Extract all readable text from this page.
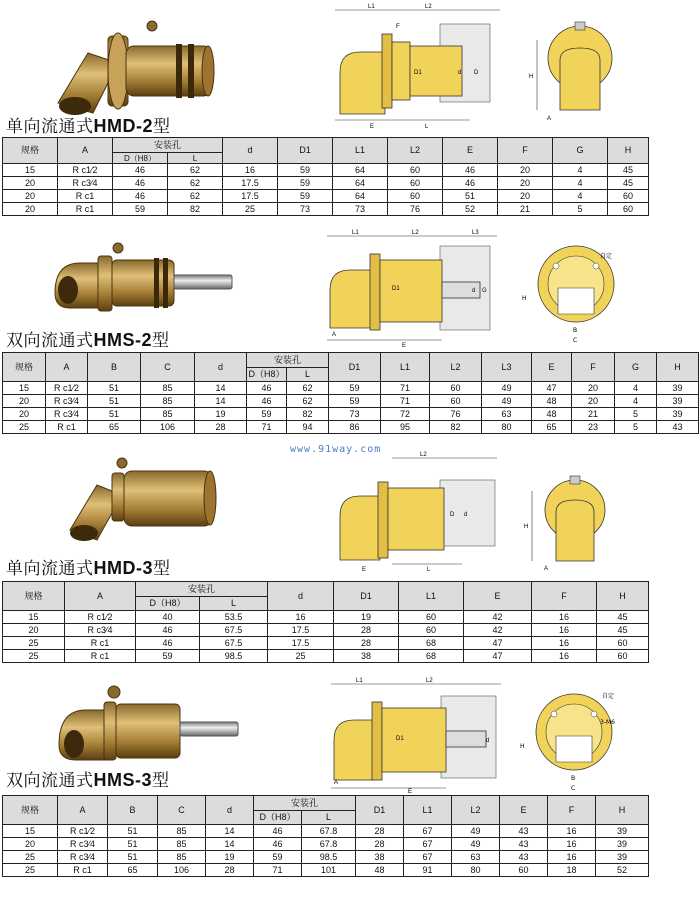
L1	L2
E	L
F
D1	d D
H
A
单向流通式HMD-2型
规格	A	安装孔		d	D1	L1	L2	E	F	G	H
		D（H8）	L								
15	R c1⁄2	46	62	16	59	64	60	46	20	4	45
20	R c3⁄4	46	62	17.5	59	64	60	46	20	4	45
20	R c1	46	62	17.5	59	64	60	51	20	4	60
20	R c1	59	82	25	73	73	76	52	21	5	60
L1	L2	L3
D1	d G
E
A
自定
H
B
C
双向流通式HMS-2型
规格	A	B	C	d	安装孔		D1	L1	L2	L3	E	F	G	H
					D（H8）	L								
15	R c1⁄2	51	85	14	46	62	59	71	60	49	47	20	4	39
20	R c3⁄4	51	85	14	46	62	59	71	60	49	48	20	4	39
20	R c3⁄4	51	85	19	59	82	73	72	76	63	48	21	5	39
25	R c1	65	106	28	71	94	86	95	82	80	65	23	5	43
www.91way.com	L2
D d
L
E
H
A
单向流通式HMD-3型
规格	A	安装孔		d	D1	L1	E	F	H
		D（H8）	L						
15	R c1⁄2	40	53.5	16	19	60	42	16	45
20	R c3⁄4	46	67.5	17.5	28	60	42	16	45
25	R c1	46	67.5	17.5	28	68	47	16	60
25	R c1	59	98.5	25	38	68	47	16	60
L1	L2
D1	d
E
A
自定
3-M6
H
B
C
双向流通式HMS-3型
规格	A	B	C	d	安装孔		D1	L1	L2	E	F	H
					D（H8）	L						
15	R c1⁄2	51	85	14	46	67.8	28	67	49	43	16	39
20	R c3⁄4	51	85	14	46	67.8	28	67	49	43	16	39
25	R c3⁄4	51	85	19	59	98.5	38	67	63	43	16	39
25	R c1	65	106	28	71	101	48	91	80	60	18	52
